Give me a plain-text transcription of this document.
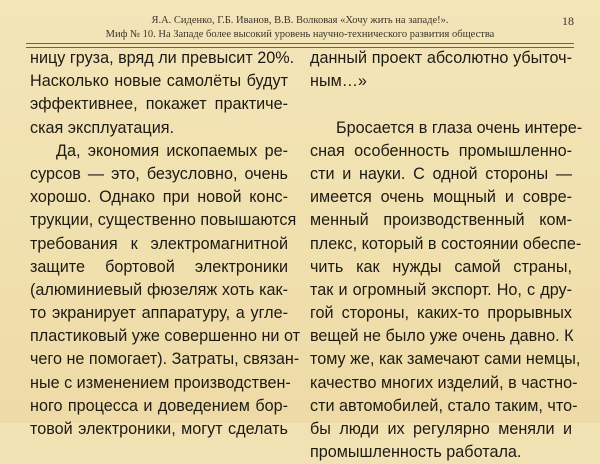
Я.А. Сиденко, Г.Б. Иванов, В.В. Волковая «Хочу жить на западе!».
Миф № 10. На Западе более высокий уровень научно-технического развития общества
18
ницу груза, вряд ли превысит 20%.
Насколько новые самолёты будут
эффективнее, покажет практиче-
ская эксплуатация.
Да, экономия ископаемых ре-
сурсов — это, безусловно, очень
хорошо. Однако при новой конс-
трукции, существенно повышаются
требования к электромагнитной
защите бортовой электроники
(алюминиевый фюзеляж хоть как-
то экранирует аппаратуру, а угле-
пластиковый уже совершенно ни от
чего не помогает). Затраты, связан-
ные с изменением производствен-
ного процесса и доведением бор-
товой электроники, могут сделать
данный проект абсолютно убыточ-
ным…»
Бросается в глаза очень интере-
сная особенность промышленно-
сти и науки. С одной стороны —
имеется очень мощный и совре-
менный производственный ком-
плекс, который в состоянии обеспе-
чить как нужды самой страны,
так и огромный экспорт. Но, с дру-
гой стороны, каких-то прорывных
вещей не было уже очень давно. К
тому же, как замечают сами немцы,
качество многих изделий, в частно-
сти автомобилей, стало таким, что-
бы люди их регулярно меняли и
промышленность работала.
